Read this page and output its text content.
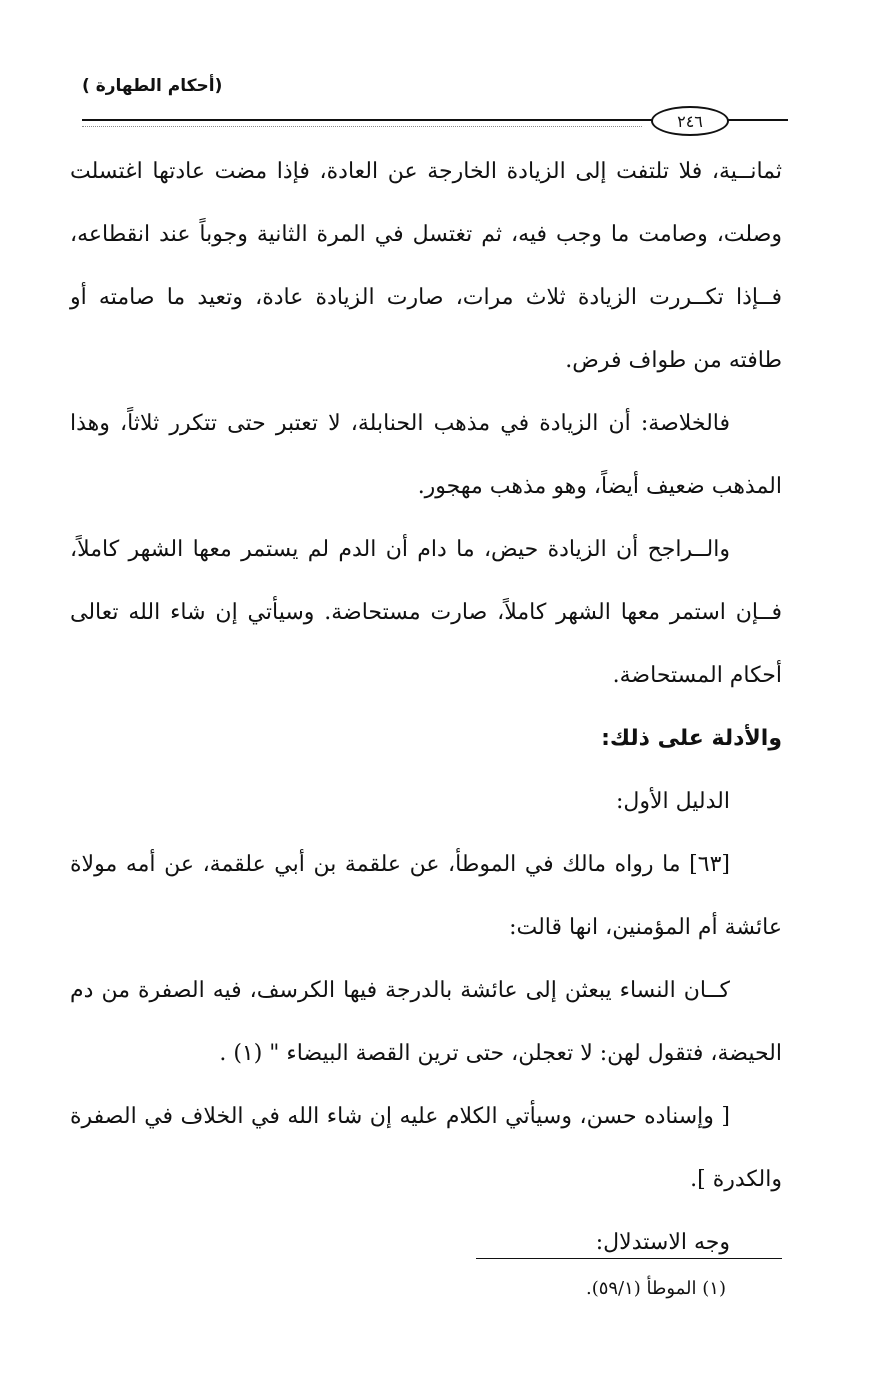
(أحكام الطهارة )
٢٤٦
ثمانــية، فلا تلتفت إلى الزيادة الخارجة عن العادة، فإذا مضت عادتها اغتسلت
وصلت، وصامت ما وجب فيه، ثم تغتسل في المرة الثانية وجوباً عند انقطاعه،
فــإذا تكــررت الزيادة ثلاث مرات، صارت الزيادة عادة، وتعيد ما صامته أو
طافته من طواف فرض.
فالخلاصة: أن الزيادة في مذهب الحنابلة، لا تعتبر حتى تتكرر ثلاثاً، وهذا
المذهب ضعيف أيضاً، وهو مذهب مهجور.
والــراجح أن الزيادة حيض، ما دام أن الدم لم يستمر معها الشهر كاملاً،
فــإن استمر معها الشهر كاملاً، صارت مستحاضة. وسيأتي إن شاء الله تعالى
أحكام المستحاضة.
والأدلة على ذلك:
الدليل الأول:
[٦٣] ما رواه مالك في الموطأ، عن علقمة بن أبي علقمة، عن أمه مولاة
عائشة أم المؤمنين، انها قالت:
كــان النساء يبعثن إلى عائشة بالدرجة فيها الكرسف، فيه الصفرة من دم
الحيضة، فتقول لهن: لا تعجلن، حتى ترين القصة البيضاء " (١) .
[ وإسناده حسن، وسيأتي الكلام عليه إن شاء الله في الخلاف في الصفرة
والكدرة ].
وجه الاستدلال:
(١) الموطأ (٥٩/١).
